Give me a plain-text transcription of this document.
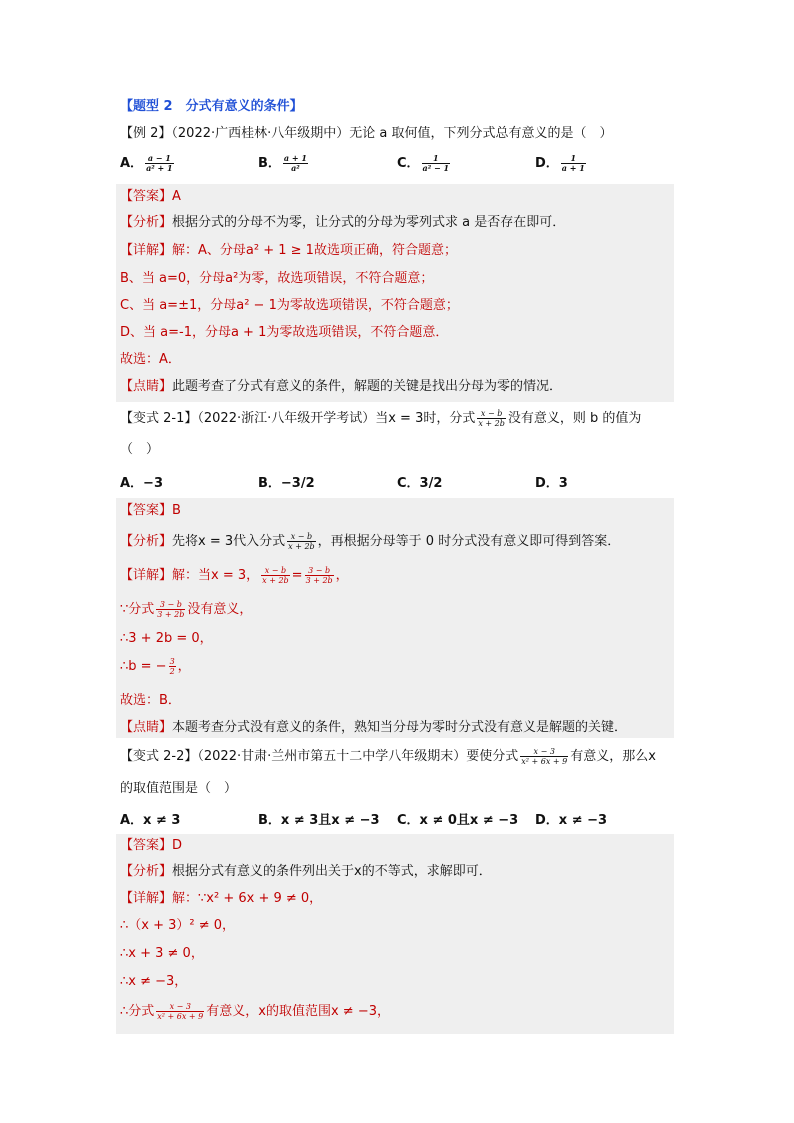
【题型 2　分式有意义的条件】
【例 2】（2022·广西桂林·八年级期中）无论 a 取何值，下列分式总有意义的是（　）
A． $\frac{a - 1}{\text{a² + 1}}$	B． $\frac{a + 1}{\text{a²}}$	C． $\frac{1}{\text{a² − 1}}$	D． $\frac{1}{a + 1}$
【答案】A
【分析】根据分式的分母不为零，让分式的分母为零列式求 a 是否存在即可．
【详解】解：A、分母a² + 1 ≥ 1故选项正确，符合题意；
B、当 a=0，分母a²为零，故选项错误，不符合题意；
C、当 a=±1，分母a² − 1为零故选项错误，不符合题意；
D、当 a=-1，分母a + 1为零故选项错误，不符合题意．
故选：A．
【点睛】此题考查了分式有意义的条件，解题的关键是找出分母为零的情况．
【变式 2-1】（2022·浙江·八年级开学考试）当x = 3时，分式 $\frac{x - b}{x + 2b}$ 没有意义，则 b 的值为
（　）
A．−3	B．−3/2	C．3/2	D．3
【答案】B
【分析】先将x = 3代入分式 $\frac{x - b}{x + 2b}$ ，再根据分母等于 0 时分式没有意义即可得到答案．
【详解】解：当x = 3， $\frac{x - b}{x + 2b} = \frac{3 - b}{3 + 2b}$ ，
∵分式 $\frac{3 - b}{3 + 2b}$ 没有意义，
∴3 + 2b = 0，
∴b = − $\frac{3}{2}$ ，
故选：B．
【点睛】本题考查分式没有意义的条件，熟知当分母为零时分式没有意义是解题的关键．
【变式 2-2】（2022·甘肃·兰州市第五十二中学八年级期末）要使分式 $\frac{x - 3}{\text{x² + 6x + 9}}$ 有意义，那么x
的取值范围是（　）
A．x ≠ 3	B．x ≠ 3且x ≠ −3 C．x ≠ 0且x ≠ −3 D．x ≠ −3
【答案】D
【分析】根据分式有意义的条件列出关于x的不等式，求解即可．
【详解】解：∵x² + 6x + 9 ≠ 0，
∴（x + 3）² ≠ 0，
∴x + 3 ≠ 0，
∴x ≠ −3，
∴分式 $\frac{x - 3}{\text{x² + 6x + 9}}$ 有意义，x的取值范围x ≠ −3，
